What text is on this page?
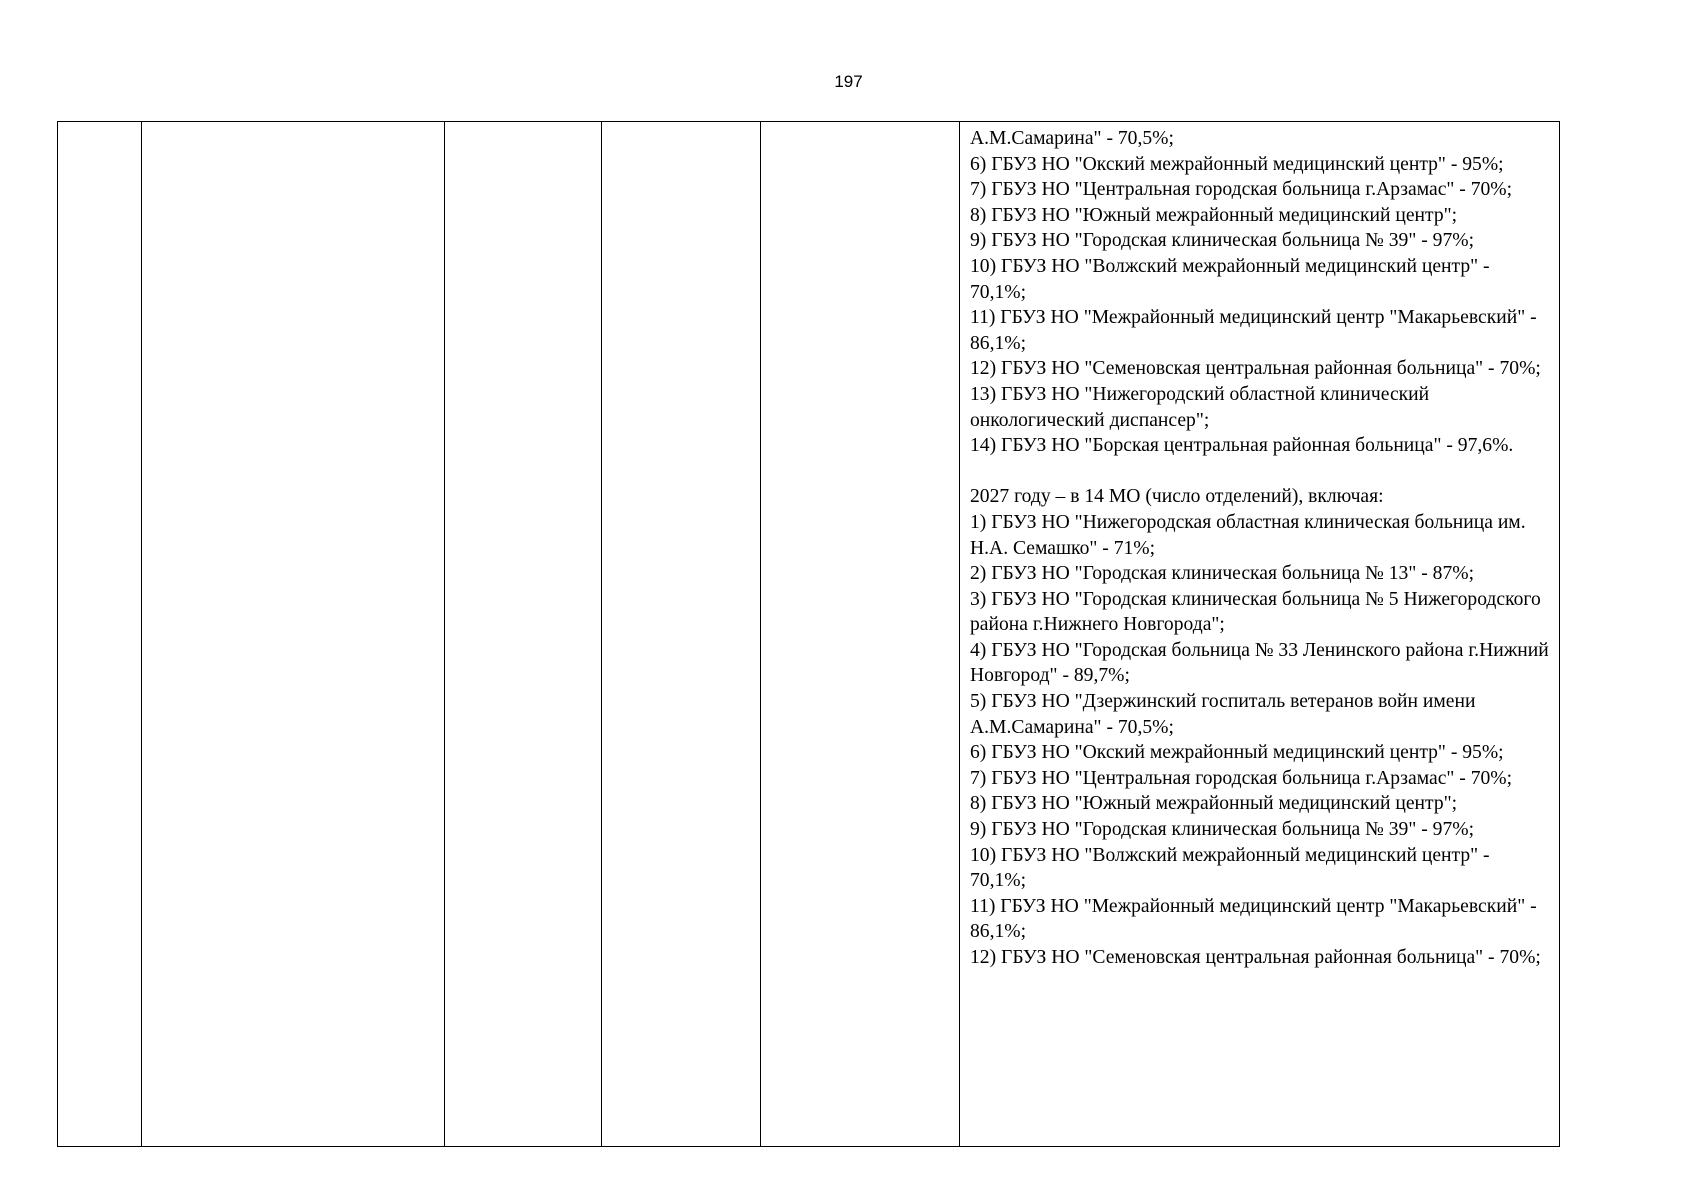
197

А.М.Самарина" - 70,5%;

6) ГБУЗ НО "Окский межрайонный медицинский центр" - 95%;

7) ГБУЗ НО "Центральная городская больница г.Арзамас" - 70%;

8) ГБУЗ НО "Южный межрайонный медицинский центр";

9) ГБУЗ НО "Городская клиническая больница № 39" - 97%;

10) ГБУЗ НО "Волжский межрайонный медицинский центр" - 70,1%;

11) ГБУЗ НО "Межрайонный медицинский центр "Макарьевский" - 86,1%;

12) ГБУЗ НО "Семеновская центральная районная больница" - 70%;

13) ГБУЗ НО "Нижегородский областной клинический онкологический диспансер";

14) ГБУЗ НО "Борская центральная районная больница" - 97,6%.

2027 году – в 14 МО (число отделений), включая:

1) ГБУЗ НО "Нижегородская областная клиническая больница им. Н.А. Семашко" - 71%;

2) ГБУЗ НО "Городская клиническая больница № 13" - 87%;

3) ГБУЗ НО "Городская клиническая больница № 5 Нижегородского района г.Нижнего Новгорода";

4) ГБУЗ НО "Городская больница № 33 Ленинского района г.Нижний Новгород" - 89,7%;

5) ГБУЗ НО "Дзержинский госпиталь ветеранов войн имени А.М.Самарина" - 70,5%;

6) ГБУЗ НО "Окский межрайонный медицинский центр" - 95%;

7) ГБУЗ НО "Центральная городская больница г.Арзамас" - 70%;

8) ГБУЗ НО "Южный межрайонный медицинский центр";

9) ГБУЗ НО "Городская клиническая больница № 39" - 97%;

10) ГБУЗ НО "Волжский межрайонный медицинский центр" - 70,1%;

11) ГБУЗ НО "Межрайонный медицинский центр "Макарьевский" - 86,1%;

12) ГБУЗ НО "Семеновская центральная районная больница" - 70%;
